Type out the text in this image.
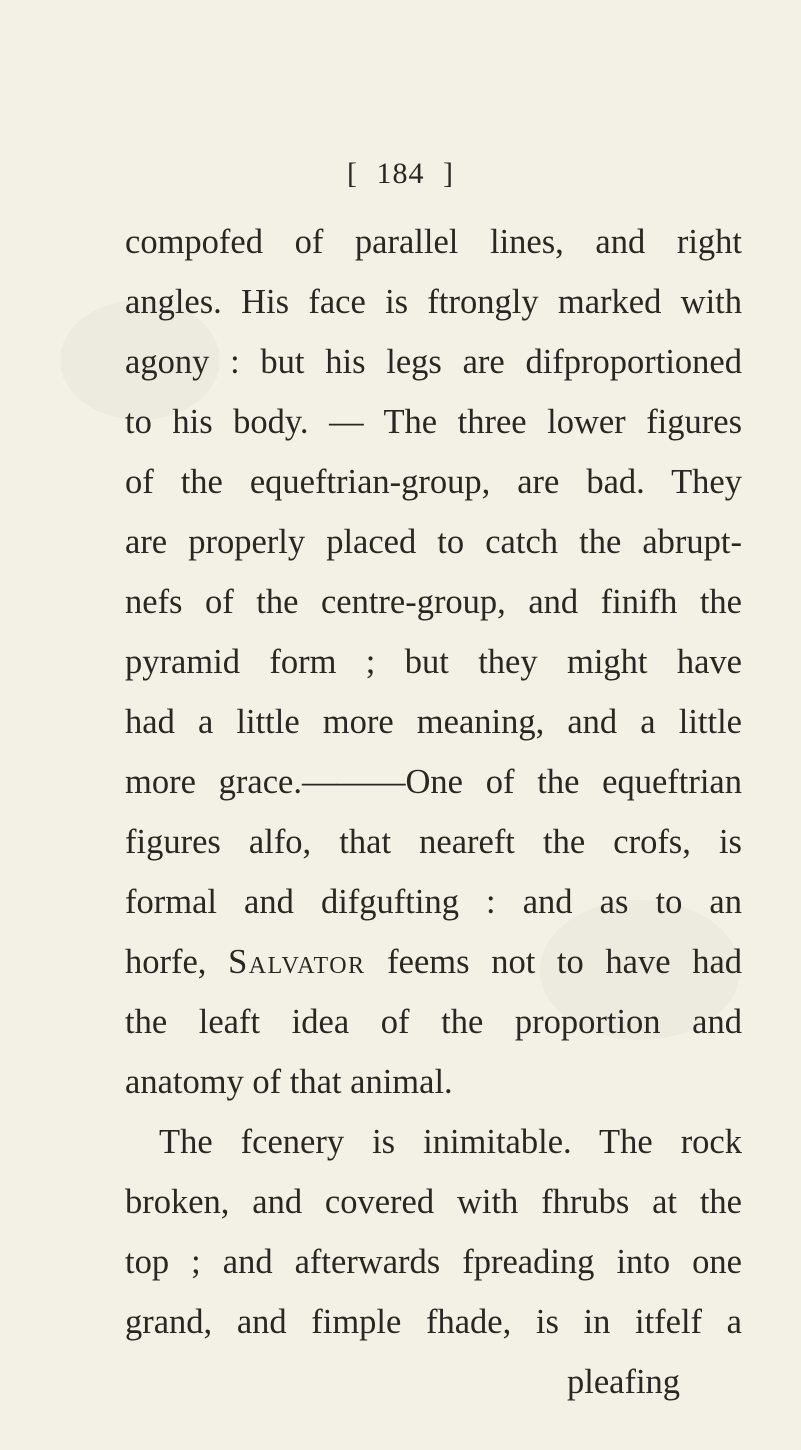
[ 184 ]
compofed of parallel lines, and right
angles. His face is ftrongly marked with
agony : but his legs are difproportioned
to his body. — The three lower figures
of the equeftrian-group, are bad. They
are properly placed to catch the abrupt-
nefs of the centre-group, and finifh the
pyramid form ; but they might have
had a little more meaning, and a little
more grace.———One of the equeftrian
figures alfo, that neareft the crofs, is
formal and difgufting : and as to an
horfe, Salvator feems not to have had
the leaft idea of the proportion and
anatomy of that animal.
The fcenery is inimitable. The rock
broken, and covered with fhrubs at the
top ; and afterwards fpreading into one
grand, and fimple fhade, is in itfelf a
pleafing
